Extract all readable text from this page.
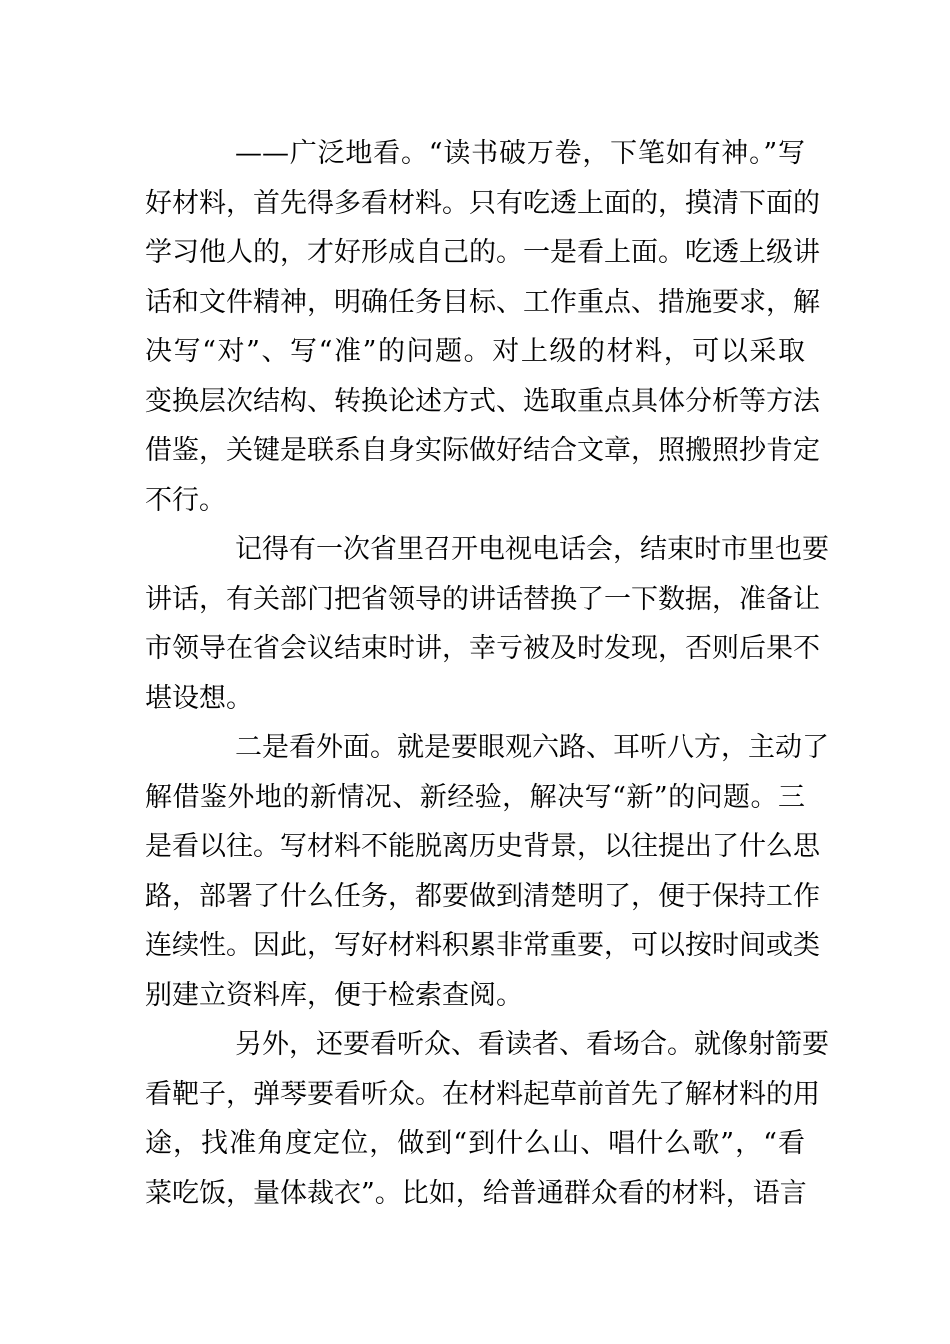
——广泛地看。“读书破万卷，下笔如有神。”写
好材料，首先得多看材料。只有吃透上面的，摸清下面的
学习他人的，才好形成自己的。一是看上面。吃透上级讲
话和文件精神，明确任务目标、工作重点、措施要求，解
决写“对”、写“准”的问题。对上级的材料，可以采取
变换层次结构、转换论述方式、选取重点具体分析等方法
借鉴，关键是联系自身实际做好结合文章，照搬照抄肯定
不行。
记得有一次省里召开电视电话会，结束时市里也要
讲话，有关部门把省领导的讲话替换了一下数据，准备让
市领导在省会议结束时讲，幸亏被及时发现，否则后果不
堪设想。
二是看外面。就是要眼观六路、耳听八方，主动了
解借鉴外地的新情况、新经验，解决写“新”的问题。三
是看以往。写材料不能脱离历史背景，以往提出了什么思
路，部署了什么任务，都要做到清楚明了，便于保持工作
连续性。因此，写好材料积累非常重要，可以按时间或类
别建立资料库，便于检索查阅。
另外，还要看听众、看读者、看场合。就像射箭要
看靶子，弹琴要看听众。在材料起草前首先了解材料的用
途，找准角度定位，做到“到什么山、唱什么歌”，“看
菜吃饭，量体裁衣”。比如，给普通群众看的材料，语言
